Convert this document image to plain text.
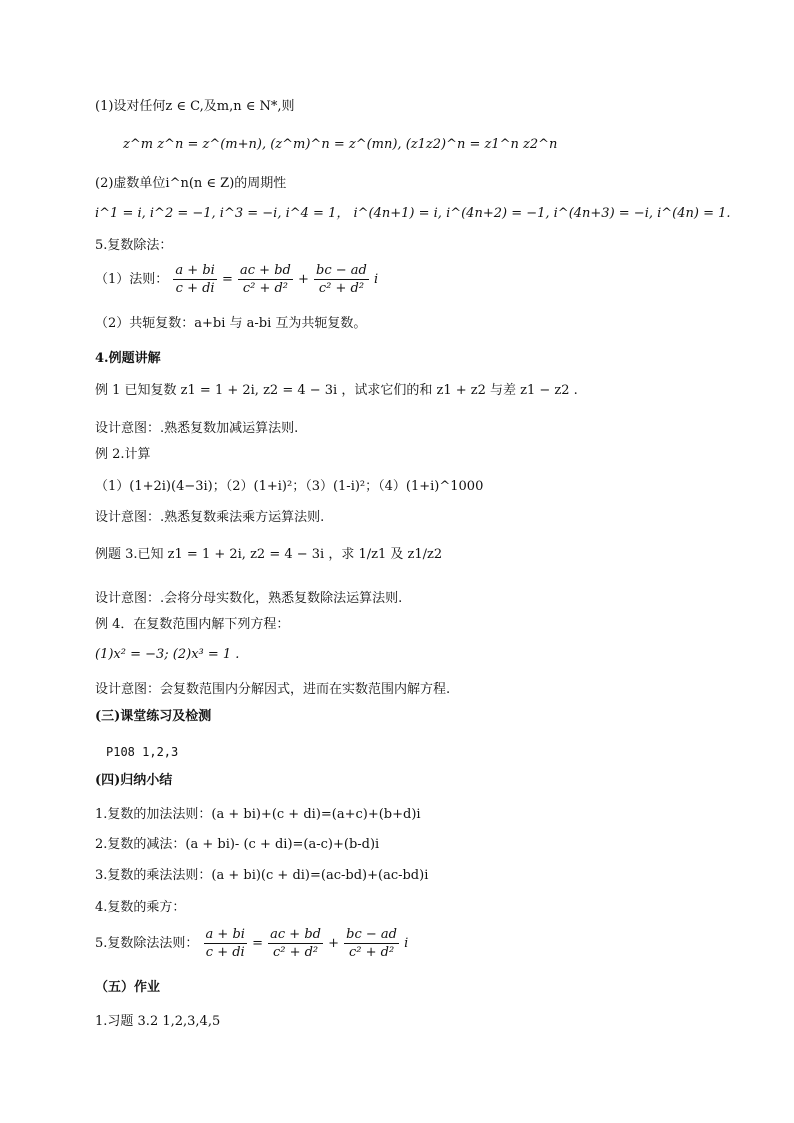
(1)设对任何z ∈ C,及m,n ∈ N*,则
z^m z^n = z^(m+n), (z^m)^n = z^(mn), (z1z2)^n = z1^n z2^n
(2)虚数单位i^n(n ∈ Z)的周期性
i^1 = i, i^2 = −1, i^3 = −i, i^4 = 1， i^(4n+1) = i, i^(4n+2) = −1, i^(4n+3) = −i, i^(4n) = 1.
5.复数除法：
（1）法则： $\frac{a + bi}{c + di} = \frac{ac + bd}{\text{c² + d²}} + \frac{bc - ad}{\text{c² + d²}}$ i
（2）共轭复数：a+bi 与 a-bi 互为共轭复数。
4.例题讲解
例 1 已知复数 z1 = 1 + 2i, z2 = 4 − 3i ，试求它们的和 z1 + z2 与差 z1 − z2 .
设计意图：.熟悉复数加减运算法则.
例 2.计算
（1）(1+2i)(4−3i)；（2）(1+i)²；（3）(1-i)²；（4）(1+i)^1000
设计意图：.熟悉复数乘法乘方运算法则.
例题 3.已知 z1 = 1 + 2i, z2 = 4 − 3i ，求 1/z1 及 z1/z2
设计意图：.会将分母实数化，熟悉复数除法运算法则.
例 4．在复数范围内解下列方程：
(1)x² = −3; (2)x³ = 1 .
设计意图：会复数范围内分解因式，进而在实数范围内解方程.
(三)课堂练习及检测
P108 1,2,3
(四)归纳小结
1.复数的加法法则：(a + bi)+(c + di)=(a+c)+(b+d)i
2.复数的减法：(a + bi)- (c + di)=(a-c)+(b-d)i
3.复数的乘法法则：(a + bi)(c + di)=(ac-bd)+(ac-bd)i
4.复数的乘方：
5.复数除法法则： $\frac{a + bi}{c + di} = \frac{ac + bd}{\text{c² + d²}} + \frac{bc - ad}{\text{c² + d²}}$ i
（五）作业
1.习题 3.2 1,2,3,4,5
